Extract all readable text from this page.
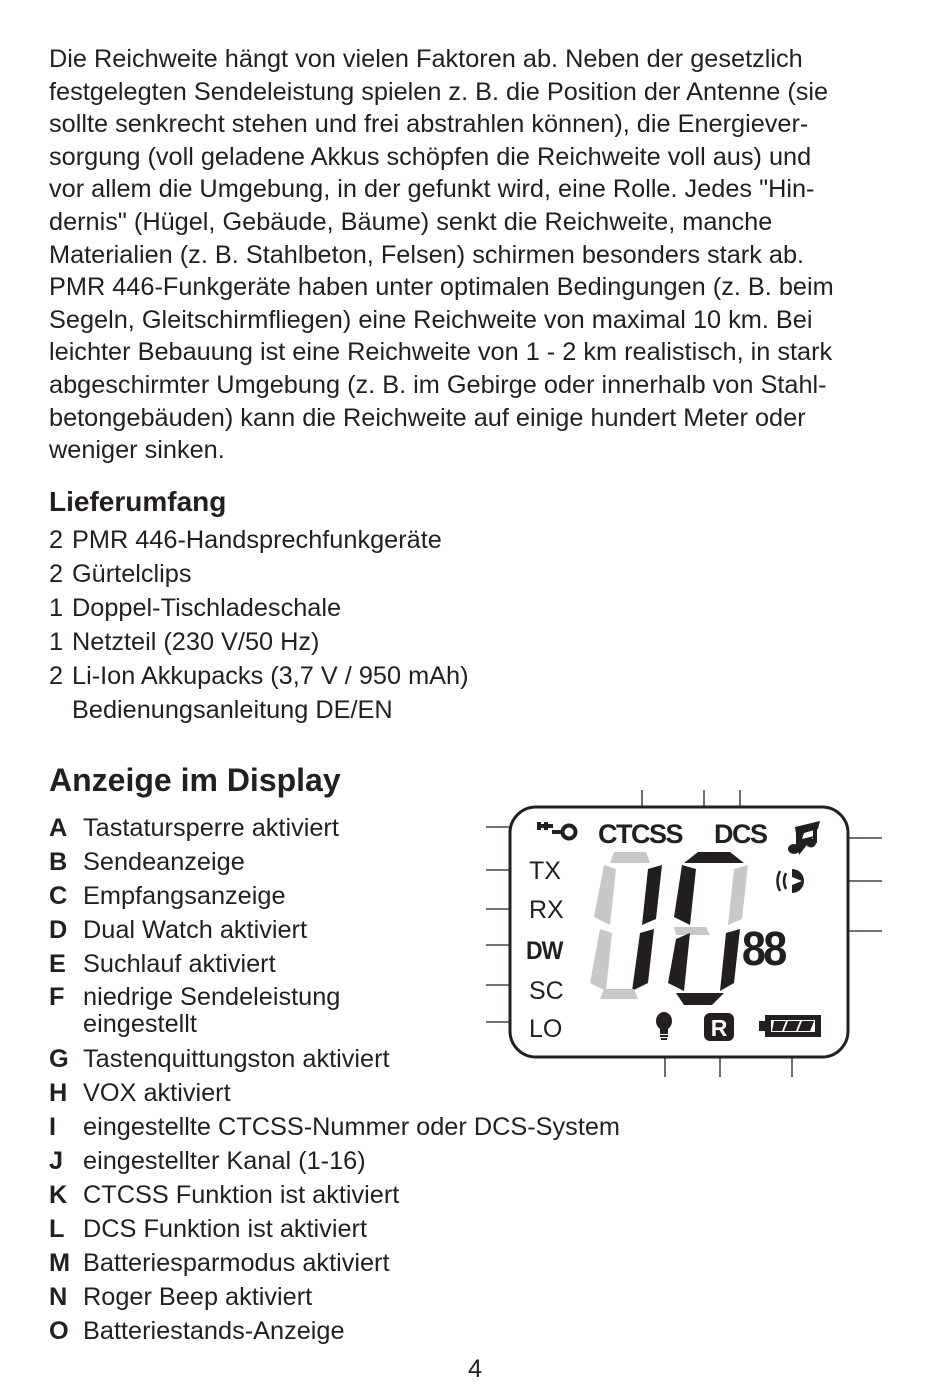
Die Reichweite hängt von vielen Faktoren ab. Neben der gesetzlich
festgelegten Sendeleistung spielen z. B. die Position der Antenne (sie
sollte senkrecht stehen und frei abstrahlen können), die Energiever-
sorgung (voll geladene Akkus schöpfen die Reichweite voll aus) und
vor allem die Umgebung, in der gefunkt wird, eine Rolle. Jedes "Hin-
dernis" (Hügel, Gebäude, Bäume) senkt die Reichweite, manche
Materialien (z. B. Stahlbeton, Felsen) schirmen besonders stark ab.
PMR 446-Funkgeräte haben unter optimalen Bedingungen (z. B. beim
Segeln, Gleitschirmfliegen) eine Reichweite von maximal 10 km. Bei
leichter Bebauung ist eine Reichweite von 1 - 2 km realistisch, in stark
abgeschirmter Umgebung (z. B. im Gebirge oder innerhalb von Stahl-
betongebäuden) kann die Reichweite auf einige hundert Meter oder
weniger sinken.

Lieferumfang
2 PMR 446-Handsprechfunkgeräte
2 Gürtelclips
1 Doppel-Tischladeschale
1 Netzteil (230 V/50 Hz)
2 Li-Ion Akkupacks (3,7 V / 950 mAh)
Bedienungsanleitung DE/EN
Anzeige im Display
A Tastatursperre aktiviert
B Sendeanzeige
C Empfangsanzeige
D Dual Watch aktiviert
E Suchlauf aktiviert
F niedrige Sendeleistung
eingestellt
G Tastenquittungston aktiviert
H VOX aktiviert
I eingestellte CTCSS-Nummer oder DCS-System
J eingestellter Kanal (1-16)
K CTCSS Funktion ist aktiviert
L DCS Funktion ist aktiviert
M Batteriesparmodus aktiviert
N Roger Beep aktiviert
O Batteriestands-Anzeige
CTCSS DCS
TX
RX
DW
SC
LO
88
R
4
